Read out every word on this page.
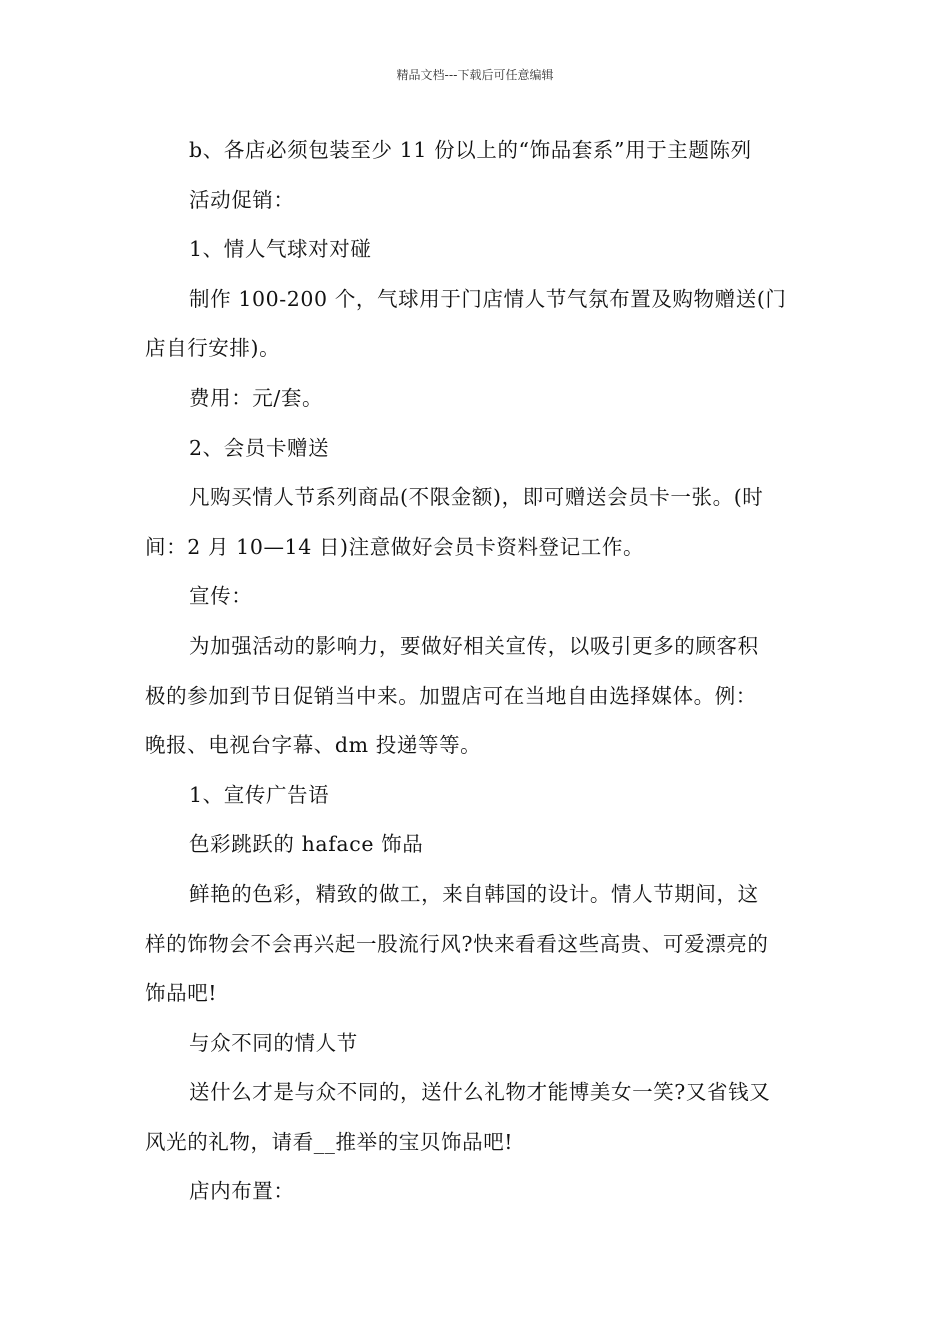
精品文档---下载后可任意编辑

b、各店必须包装至少 11 份以上的“饰品套系”用于主题陈列

活动促销：

1、情人气球对对碰

制作 100-200 个，气球用于门店情人节气氛布置及购物赠送(门

店自行安排)。

费用：元/套。

2、会员卡赠送

凡购买情人节系列商品(不限金额)，即可赠送会员卡一张。(时

间：2 月 10—14 日)注意做好会员卡资料登记工作。

宣传：

为加强活动的影响力，要做好相关宣传，以吸引更多的顾客积

极的参加到节日促销当中来。加盟店可在当地自由选择媒体。例：

晚报、电视台字幕、dm 投递等等。

1、宣传广告语

色彩跳跃的 haface 饰品

鲜艳的色彩，精致的做工，来自韩国的设计。情人节期间，这

样的饰物会不会再兴起一股流行风?快来看看这些高贵、可爱漂亮的

饰品吧!

与众不同的情人节

送什么才是与众不同的，送什么礼物才能博美女一笑?又省钱又

风光的礼物，请看__推举的宝贝饰品吧!

店内布置：
